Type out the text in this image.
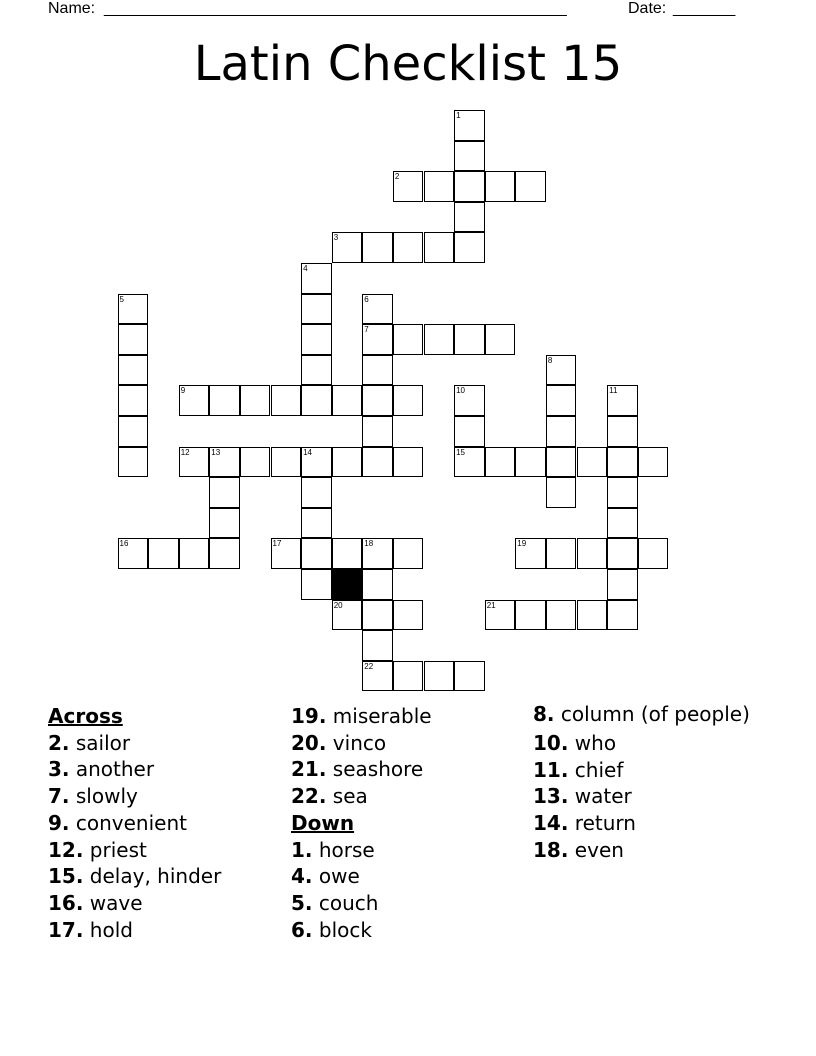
Name: ____________________________________________________	Date: _______
Latin Checklist 15
1
2
3
4
5	6
7
8
9	10	11
12	13	14	15
16	17	18	19
20	21
22
Across
2. sailor
3. another
7. slowly
9. convenient
12. priest
15. delay, hinder
16. wave
17. hold
19. miserable
20. vinco
21. seashore
22. sea
Down
1. horse
4. owe
5. couch
6. block
8. column (of people)
10. who
11. chief
13. water
14. return
18. even
